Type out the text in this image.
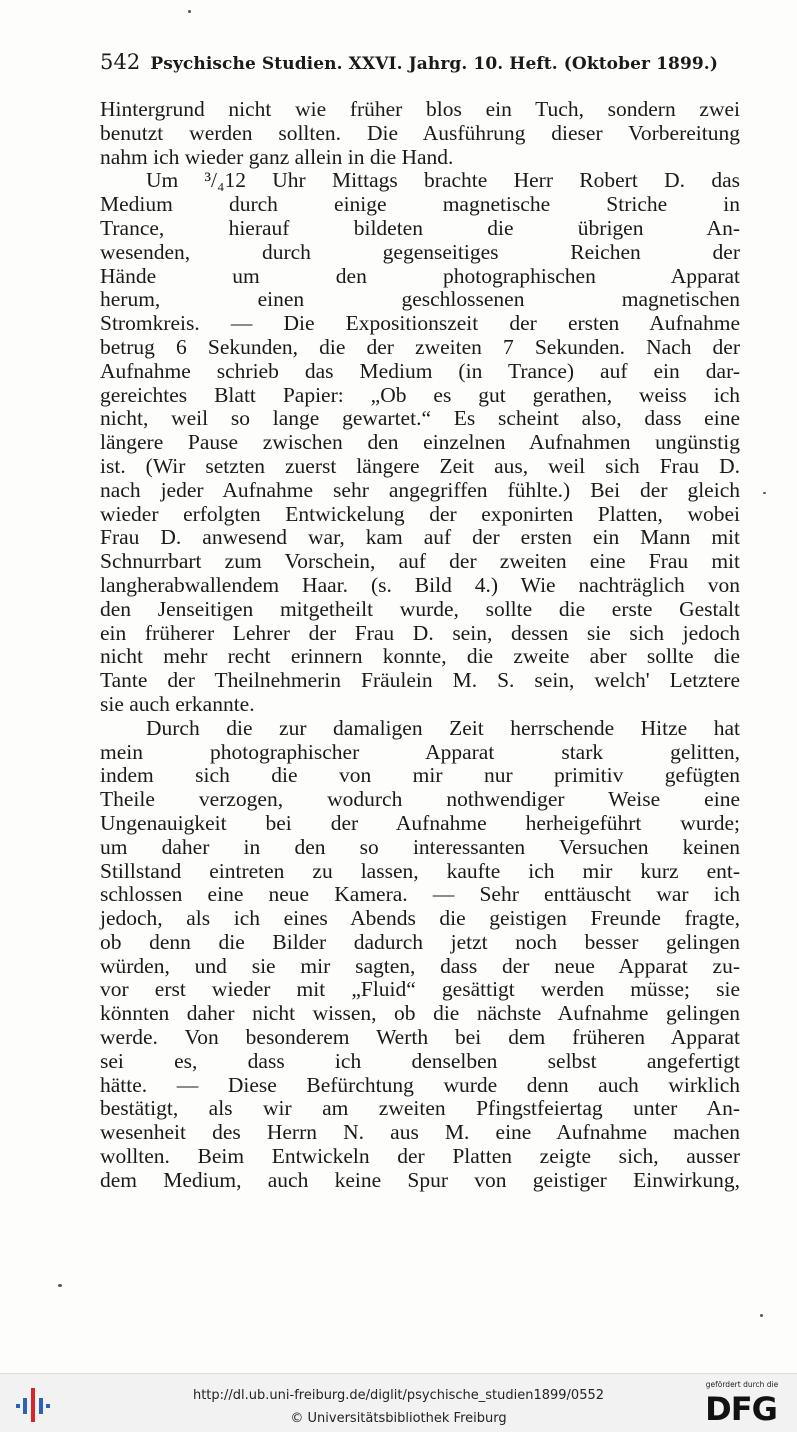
542 Psychische Studien. XXVI. Jahrg. 10. Heft. (Oktober 1899.)
Hintergrund nicht wie früher blos ein Tuch, sondern zwei
benutzt werden sollten. Die Ausführung dieser Vorbereitung
nahm ich wieder ganz allein in die Hand.
Um ³/₄12 Uhr Mittags brachte Herr Robert D. das
Medium durch einige magnetische Striche in
Trance, hierauf bildeten die übrigen An-
wesenden, durch gegenseitiges Reichen der
Hände um den photographischen Apparat
herum, einen geschlossenen magnetischen
Stromkreis. — Die Expositionszeit der ersten Aufnahme
betrug 6 Sekunden, die der zweiten 7 Sekunden. Nach der
Aufnahme schrieb das Medium (in Trance) auf ein dar-
gereichtes Blatt Papier: „Ob es gut gerathen, weiss ich
nicht, weil so lange gewartet.“ Es scheint also, dass eine
längere Pause zwischen den einzelnen Aufnahmen ungünstig
ist. (Wir setzten zuerst längere Zeit aus, weil sich Frau D.
nach jeder Aufnahme sehr angegriffen fühlte.) Bei der gleich
wieder erfolgten Entwickelung der exponirten Platten, wobei
Frau D. anwesend war, kam auf der ersten ein Mann mit
Schnurrbart zum Vorschein, auf der zweiten eine Frau mit
langherabwallendem Haar. (s. Bild 4.) Wie nachträglich von
den Jenseitigen mitgetheilt wurde, sollte die erste Gestalt
ein früherer Lehrer der Frau D. sein, dessen sie sich jedoch
nicht mehr recht erinnern konnte, die zweite aber sollte die
Tante der Theilnehmerin Fräulein M. S. sein, welch' Letztere
sie auch erkannte.
Durch die zur damaligen Zeit herrschende Hitze hat
mein photographischer Apparat stark gelitten,
indem sich die von mir nur primitiv gefügten
Theile verzogen, wodurch nothwendiger Weise eine
Ungenauigkeit bei der Aufnahme herheigeführt wurde;
um daher in den so interessanten Versuchen keinen
Stillstand eintreten zu lassen, kaufte ich mir kurz ent-
schlossen eine neue Kamera. — Sehr enttäuscht war ich
jedoch, als ich eines Abends die geistigen Freunde fragte,
ob denn die Bilder dadurch jetzt noch besser gelingen
würden, und sie mir sagten, dass der neue Apparat zu-
vor erst wieder mit „Fluid“ gesättigt werden müsse; sie
könnten daher nicht wissen, ob die nächste Aufnahme gelingen
werde. Von besonderem Werth bei dem früheren Apparat
sei es, dass ich denselben selbst angefertigt
hätte. — Diese Befürchtung wurde denn auch wirklich
bestätigt, als wir am zweiten Pfingstfeiertag unter An-
wesenheit des Herrn N. aus M. eine Aufnahme machen
wollten. Beim Entwickeln der Platten zeigte sich, ausser
dem Medium, auch keine Spur von geistiger Einwirkung,
http://dl.ub.uni-freiburg.de/diglit/psychische_studien1899/0552
© Universitätsbibliothek Freiburg
gefördert durch die
DFG
